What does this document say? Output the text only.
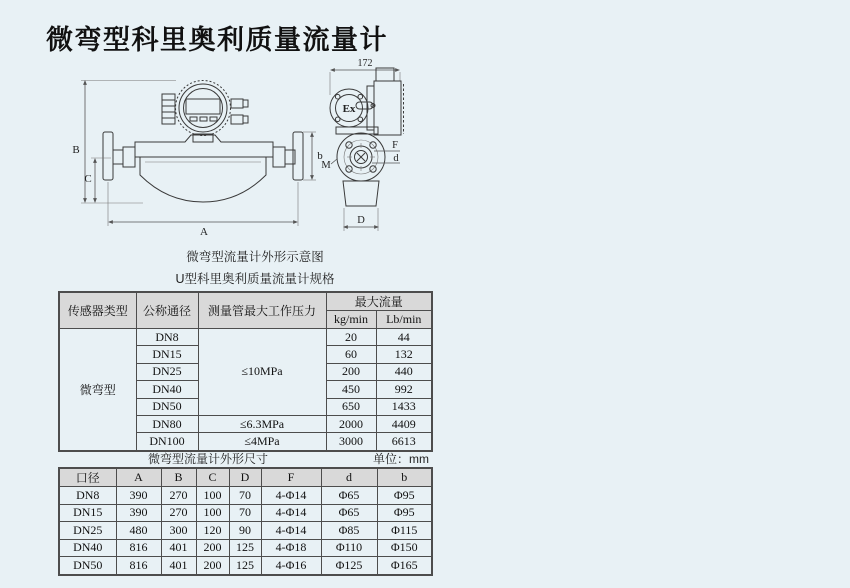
微弯型科里奥利质量流量计
B
C
A
b
172
Ex
F
d
M
D
微弯型流量计外形示意图
U型科里奥利质量流量计规格
传感器类型	公称通径	测量管最大工作压力	最大流量	
			kg/min	Lb/min
微弯型	DN8	≤10MPa	20	44
	DN15		60	132
	DN25		200	440
	DN40		450	992
	DN50		650	1433
	DN80	≤6.3MPa	2000	4409
	DN100	≤4MPa	3000	6613
微弯型流量计外形尺寸	单位：mm
口径	A	B	C	D	F	d	b
DN8	390	270	100	70	4-Φ14	Φ65	Φ95
DN15	390	270	100	70	4-Φ14	Φ65	Φ95
DN25	480	300	120	90	4-Φ14	Φ85	Φ115
DN40	816	401	200	125	4-Φ18	Φ110	Φ150
DN50	816	401	200	125	4-Φ16	Φ125	Φ165
